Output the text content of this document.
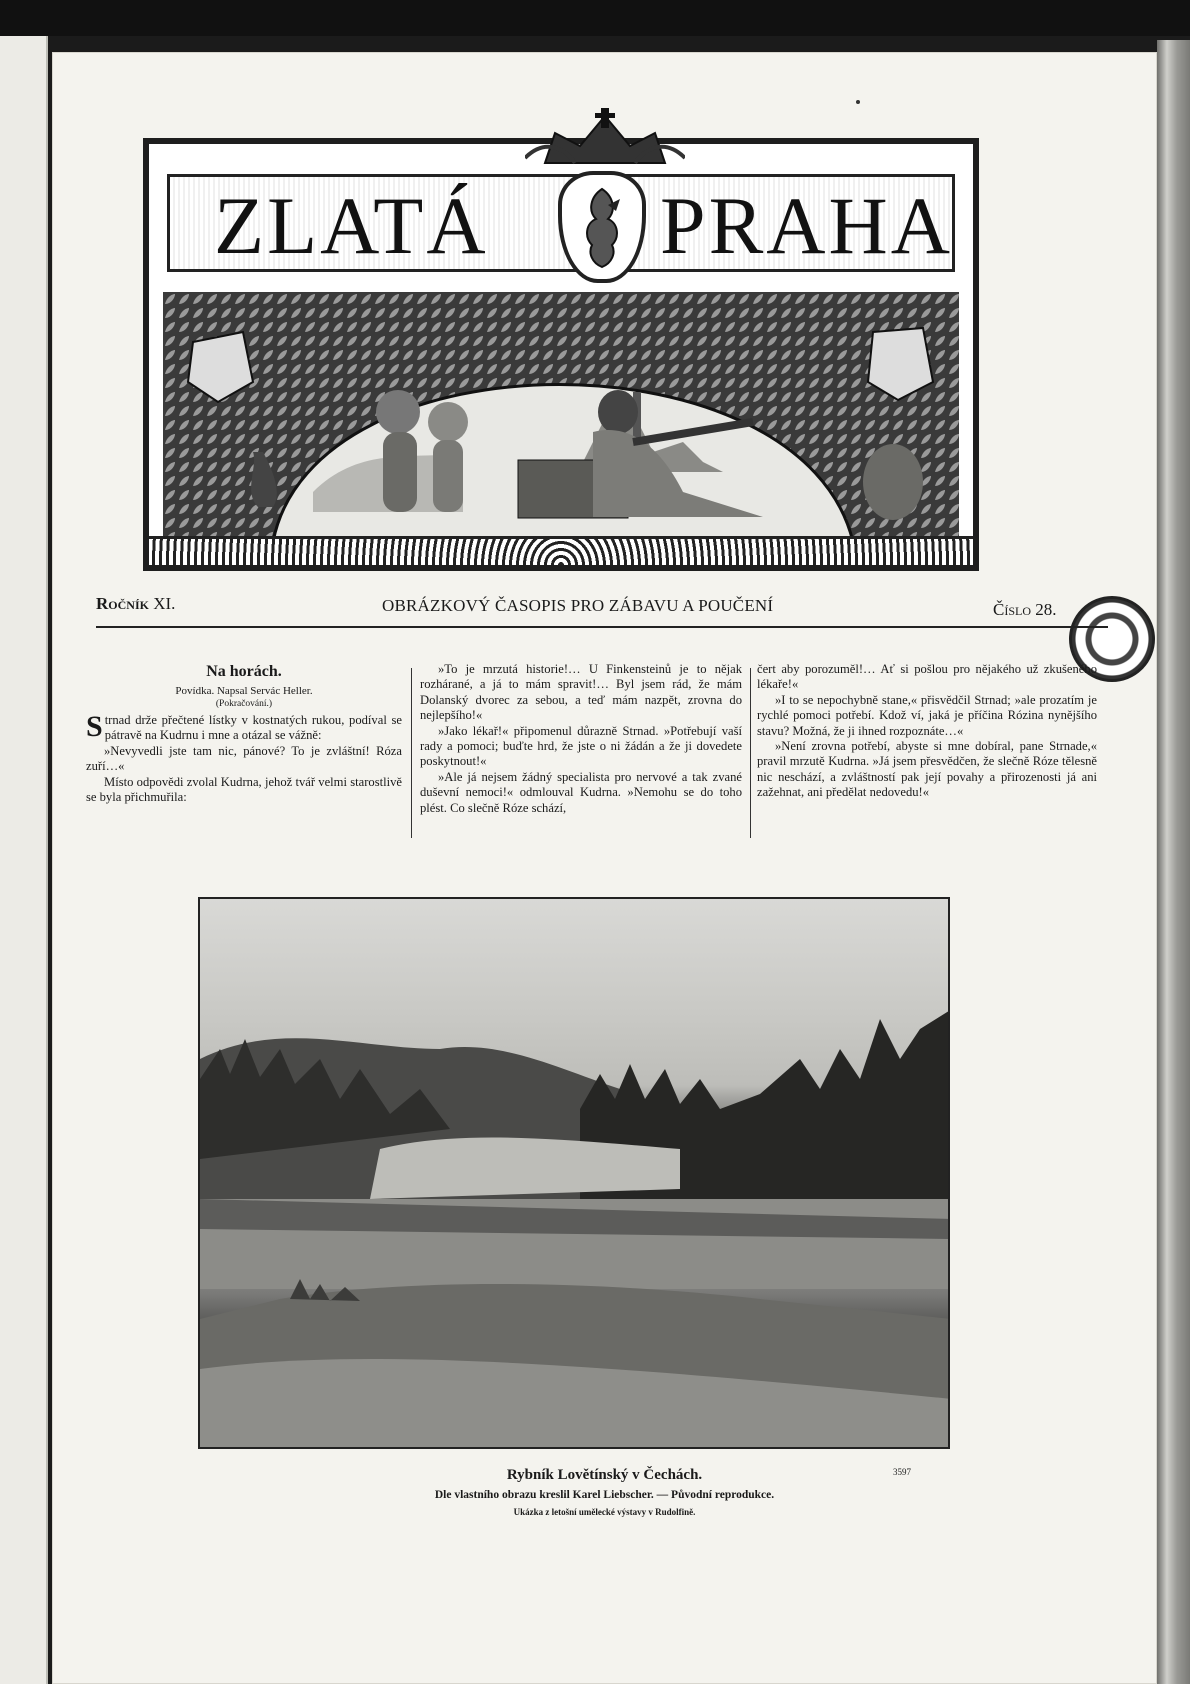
ZLATÁ PRAHA
Ročník XI.	OBRÁZKOVÝ ČASOPIS PRO ZÁBAVU A POUČENÍ	Číslo 28.
Na horách.
Povídka. Napsal Servác Heller.
(Pokračování.)

Strnad drže přečtené lístky v kostnatých rukou, podíval se pátravě na Kudrnu i mne a otázal se vážně:

»Nevyvedli jste tam nic, pánové? To je zvláštní! Róza zuří…«

Místo odpovědi zvolal Kudrna, jehož tvář velmi starostlivě se byla přichmuřila:

»To je mrzutá historie!… U Finkensteinů je to nějak rozhárané, a já to mám spravit!… Byl jsem rád, že mám Dolanský dvorec za sebou, a teď mám nazpět, zrovna do nejlepšího!«

»Jako lékař!« připomenul důrazně Strnad. »Potřebují vaší rady a pomoci; buďte hrd, že jste o ni žádán a že ji dovedete poskytnout!«

»Ale já nejsem žádný specialista pro nervové a tak zvané duševní nemoci!« odmlouval Kudrna. »Nemohu se do toho plést. Co slečně Róze schází,

čert aby porozuměl!… Ať si pošlou pro nějakého už zkušeného lékaře!«

»I to se nepochybně stane,« přisvědčil Strnad; »ale prozatím je rychlé pomoci potřebí. Kdož ví, jaká je příčina Rózina nynějšího stavu? Možná, že ji ihned rozpoznáte…«

»Není zrovna potřebí, abyste si mne dobíral, pane Strnade,« pravil mrzutě Kudrna. »Já jsem přesvědčen, že slečně Róze tělesně nic neschází, a zvláštností pak její povahy a přirozenosti já ani zažehnat, ani předělat nedovedu!«

Rybník Lovětínský v Čechách.
Dle vlastního obrazu kreslil Karel Liebscher. — Původní reprodukce.
Ukázka z letošní umělecké výstavy v Rudolfině.
3597
